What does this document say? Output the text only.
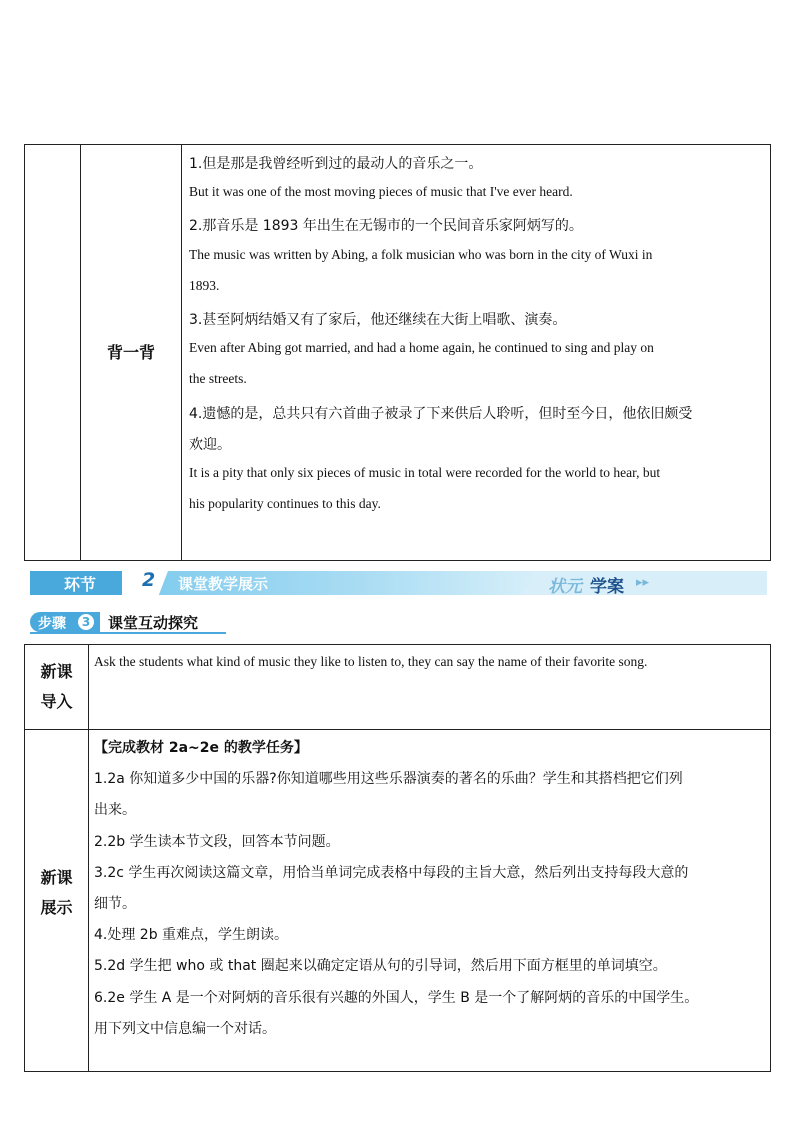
背一背
1.但是那是我曾经听到过的最动人的音乐之一。
But it was one of the most moving pieces of music that I've ever heard.
2.那音乐是 1893 年出生在无锡市的一个民间音乐家阿炳写的。
The music was written by Abing, a folk musician who was born in the city of Wuxi in
1893.
3.甚至阿炳结婚又有了家后，他还继续在大街上唱歌、演奏。
Even after Abing got married, and had a home again, he continued to sing and play on
the streets.
4.遗憾的是，总共只有六首曲子被录了下来供后人聆听，但时至今日，他依旧颇受
欢迎。
It is a pity that only six pieces of music in total were recorded for the world to hear, but
his popularity continues to this day.
环节 2 课堂教学展示	状元 学案 ▸▸
步骤	3 课堂互动探究
新课
导入
新课
展示
Ask the students what kind of music they like to listen to, they can say the name of their favorite song.
【完成教材 2a~2e 的教学任务】
1.2a 你知道多少中国的乐器?你知道哪些用这些乐器演奏的著名的乐曲？学生和其搭档把它们列
出来。
2.2b 学生读本节文段，回答本节问题。
3.2c 学生再次阅读这篇文章，用恰当单词完成表格中每段的主旨大意，然后列出支持每段大意的
细节。
4.处理 2b 重难点，学生朗读。
5.2d 学生把 who 或 that 圈起来以确定定语从句的引导词，然后用下面方框里的单词填空。
6.2e 学生 A 是一个对阿炳的音乐很有兴趣的外国人，学生 B 是一个了解阿炳的音乐的中国学生。
用下列文中信息编一个对话。
